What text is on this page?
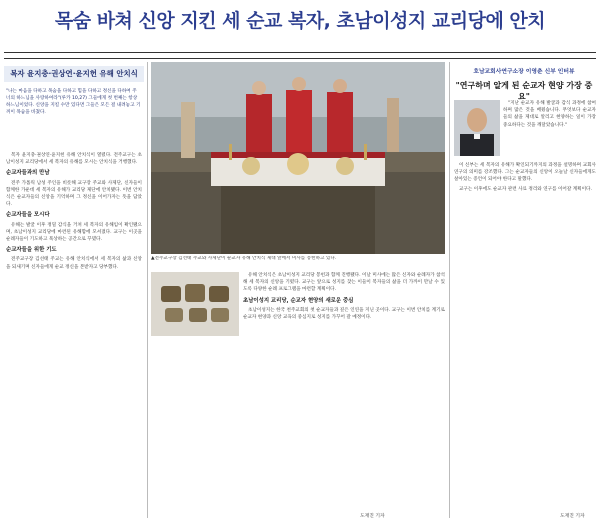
목숨 바쳐 신앙 지킨 세 순교 복자, 초남이성지 교리당에 안치
복자 윤지충·권상연·윤지헌 유해 안치식
"나는 마음을 다하고 목숨을 다하고 힘을 다하고 정신을 다하여 주 너의 하느님을 사랑하여라"(루카 10,27) 그들에게 첫 번째는 항상 하느님이었다. 신앙을 지킬 수만 있다면 그들은 모든 걸 내려놓고 기꺼이 목숨을 바쳤다.

복자 윤지충·권상연·윤지헌 유해 안치식이 열렸다. 전주교구는 초남이성지 교리당에서 세 복자의 유해를 모시는 안치식을 거행했다.

순교자들과의 만남

전주 가톨릭 남성 주인을 비롯해 교구장 주교와 사제단, 신자들이 함께한 가운데 세 복자의 유해가 교리당 제단에 안치됐다. 이번 안치식은 순교자들의 신앙을 기억하며 그 정신을 이어가자는 뜻을 담았다.

순교자들을 모시다

유해는 발굴 이후 정밀 감식을 거쳐 세 복자의 유해임이 확인됐으며, 초남이성지 교리당에 마련된 유해함에 모셔졌다. 교구는 이곳을 순례자들이 기도하고 묵상하는 공간으로 꾸몄다.

순교자들을 위한 기도

전주교구장 김선태 주교는 유해 안치식에서 세 복자의 삶과 신앙을 되새기며 신자들에게 순교 정신을 본받자고 당부했다.

▲전주교구장 김선태 주교와 사제단이 순교자 유해 안치식 제대 앞에서 미사를 봉헌하고 있다.

유해 안치식은 초남이성지 교리당 봉헌과 함께 진행됐다. 이날 미사에는 많은 신자와 순례자가 참석해 세 복자의 신앙을 기렸다. 교구는 앞으로 성지를 찾는 이들이 복자들의 삶을 더 가까이 만날 수 있도록 다양한 순례 프로그램을 마련할 계획이다.

초남이성지 교리당, 순교자 현양의 새로운 중심

초남이성지는 한국 천주교회의 첫 순교자들과 깊은 인연을 지닌 곳이다. 교구는 이번 안치를 계기로 순교자 현양과 신앙 교육의 중심지로 성지를 가꾸어 갈 예정이다.

도재진 기자
호남교회사연구소장 이영춘 신부 인터뷰
"연구하며 알게 된 순교자 현양 가장 중요"

"지난 순교자 유해 발굴과 감식 과정에 참여하며 많은 것을 배웠습니다. 무엇보다 순교자들의 삶을 제대로 알리고 현양하는 일이 가장 중요하다는 것을 깨달았습니다."

이 신부는 세 복자의 유해가 확인되기까지의 과정을 설명하며 교회사 연구의 의미를 강조했다. 그는 순교자들의 신앙이 오늘날 신자들에게도 살아있는 증언이 되어야 한다고 말했다.

교구는 이후에도 순교자 관련 사료 정리와 연구를 이어갈 계획이다.

도재진 기자
